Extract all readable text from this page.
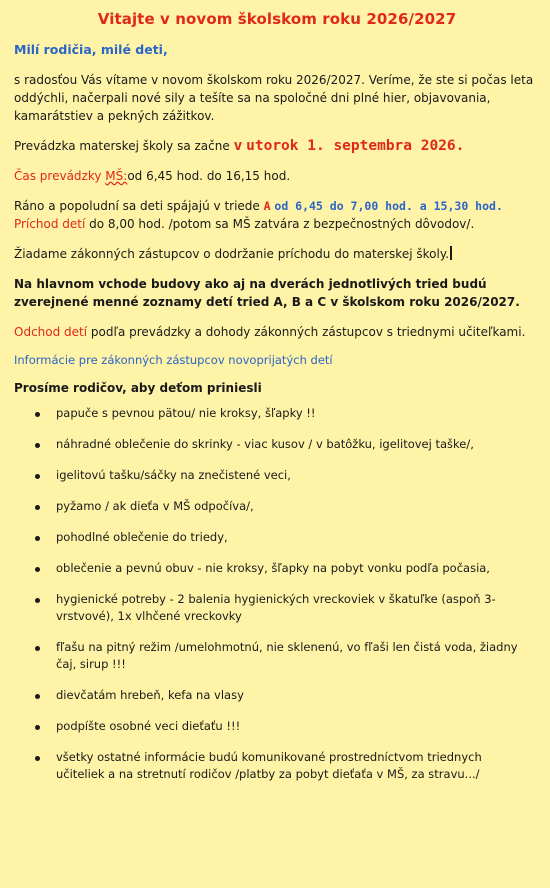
Vitajte v novom školskom roku 2026/2027
Milí rodičia, milé deti,

s radosťou Vás vítame v novom školskom roku 2026/2027. Veríme, že ste si počas leta oddýchli, načerpali nové sily a tešíte sa na spoločné dni plné hier, objavovania, kamarátstiev a pekných zážitkov.

Prevádzka materskej školy sa začne v utorok 1. septembra 2026.

Čas prevádzky MŠ:od 6,45 hod. do 16,15 hod.

Ráno a popoludní sa deti spájajú v triede A od 6,45 do 7,00 hod. a 15,30 hod.

Príchod detí do 8,00 hod. /potom sa MŠ zatvára z bezpečnostných dôvodov/.

Žiadame zákonných zástupcov o dodržanie príchodu do materskej školy.

Na hlavnom vchode budovy ako aj na dverách jednotlivých tried budú zverejnené menné zoznamy detí tried A, B a C v školskom roku 2026/2027.

Odchod detí podľa prevádzky a dohody zákonných zástupcov s triednymi učiteľkami.

Informácie pre zákonných zástupcov novoprijatých detí
Prosíme rodičov, aby deťom priniesli
papuče s pevnou pätou/ nie kroksy, šľapky !!
náhradné oblečenie do skrinky - viac kusov / v batôžku, igelitovej taške/,
igelitovú tašku/sáčky na znečistené veci,
pyžamo / ak dieťa v MŠ odpočíva/,
pohodlné oblečenie do triedy,
oblečenie a pevnú obuv - nie kroksy, šľapky na pobyt vonku podľa počasia,
hygienické potreby - 2 balenia hygienických vreckoviek v škatuľke (aspoň 3-vrstvové), 1x vlhčené vreckovky
fľašu na pitný režim /umelohmotnú, nie sklenenú, vo fľaši len čistá voda, žiadny čaj, sirup !!!
dievčatám hrebeň, kefa na vlasy
podpíšte osobné veci dieťaťu !!!
všetky ostatné informácie budú komunikované prostredníctvom triednych učiteliek a na stretnutí rodičov /platby za pobyt dieťaťa v MŠ, za stravu.../
